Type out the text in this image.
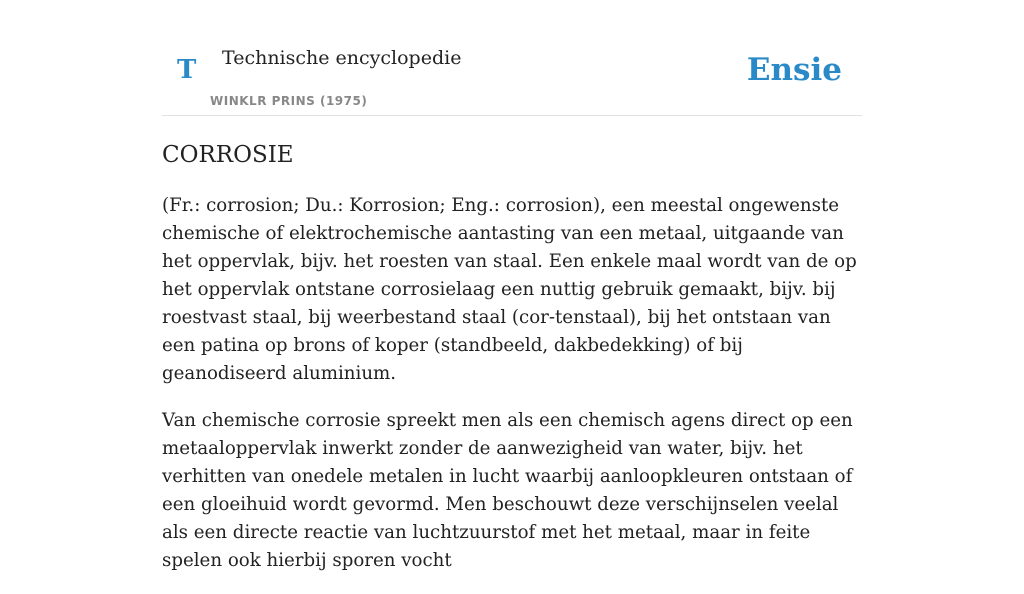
T Technische encyclopedie
WINKLR PRINS (1975)
Ensie
CORROSIE

(Fr.: corrosion; Du.: Korrosion; Eng.: corrosion), een meestal ongewenste chemische of elektrochemische aantasting van een metaal, uitgaande van het oppervlak, bijv. het roesten van staal. Een enkele maal wordt van de op het oppervlak ontstane corrosielaag een nuttig gebruik gemaakt, bijv. bij roestvast staal, bij weerbestand staal (cor-tenstaal), bij het ontstaan van een patina op brons of koper (standbeeld, dakbedekking) of bij geanodiseerd aluminium.

Van chemische corrosie spreekt men als een chemisch agens direct op een metaaloppervlak inwerkt zonder de aanwezigheid van water, bijv. het verhitten van onedele metalen in lucht waarbij aanloopkleuren ontstaan of een gloeihuid wordt gevormd. Men beschouwt deze verschijnselen veelal als een directe reactie van luchtzuurstof met het metaal, maar in feite spelen ook hierbij sporen vocht
